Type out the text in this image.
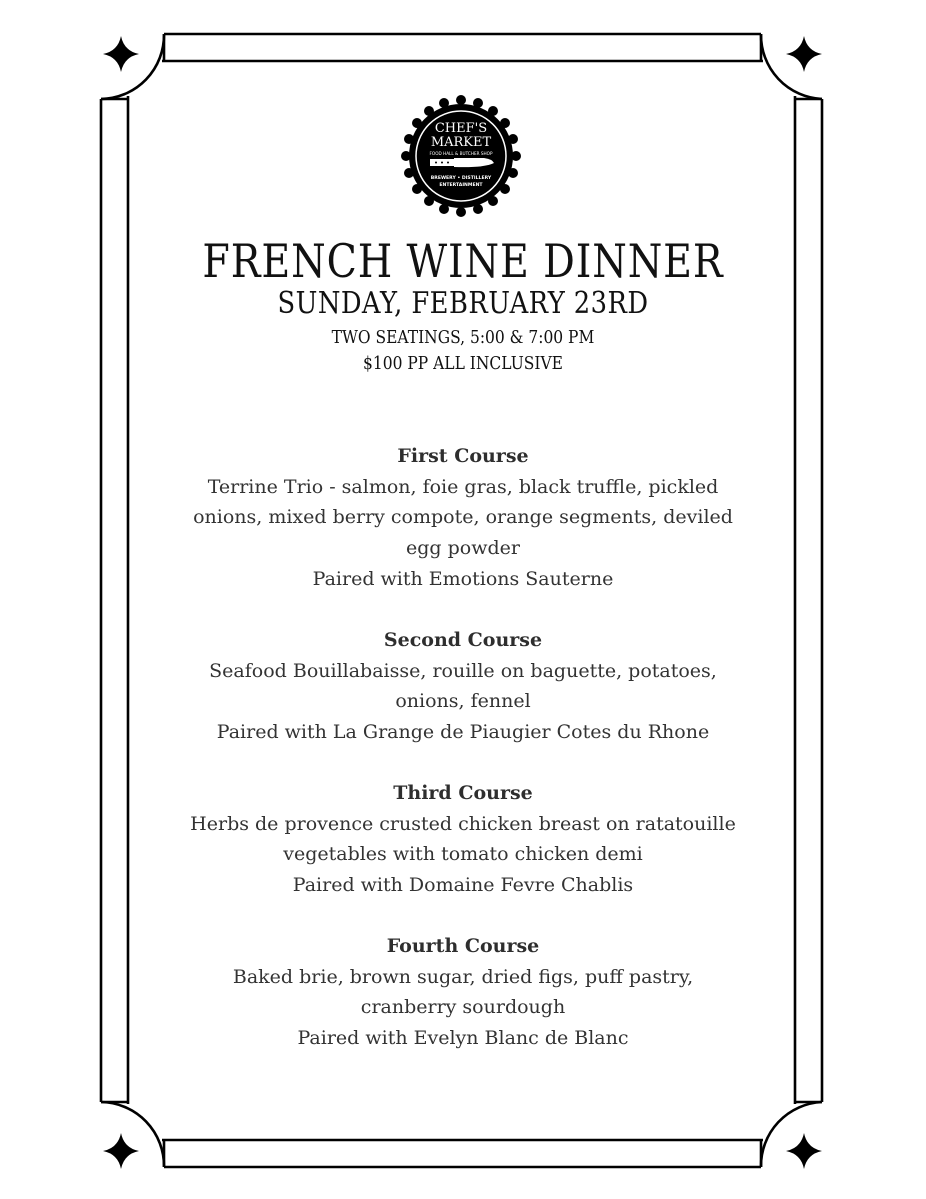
CHEF'S
MARKET
FOOD HALL & BUTCHER SHOP
BREWERY • DISTILLERY
ENTERTAINMENT
FRENCH WINE DINNER
SUNDAY, FEBRUARY 23RD
TWO SEATINGS, 5:00 & 7:00 PM
$100 PP ALL INCLUSIVE
First Course
Terrine Trio - salmon, foie gras, black truffle, pickled
onions, mixed berry compote, orange segments, deviled
egg powder
Paired with Emotions Sauterne
Second Course
Seafood Bouillabaisse, rouille on baguette, potatoes,
onions, fennel
Paired with La Grange de Piaugier Cotes du Rhone
Third Course
Herbs de provence crusted chicken breast on ratatouille
vegetables with tomato chicken demi
Paired with Domaine Fevre Chablis
Fourth Course
Baked brie, brown sugar, dried figs, puff pastry,
cranberry sourdough
Paired with Evelyn Blanc de Blanc
